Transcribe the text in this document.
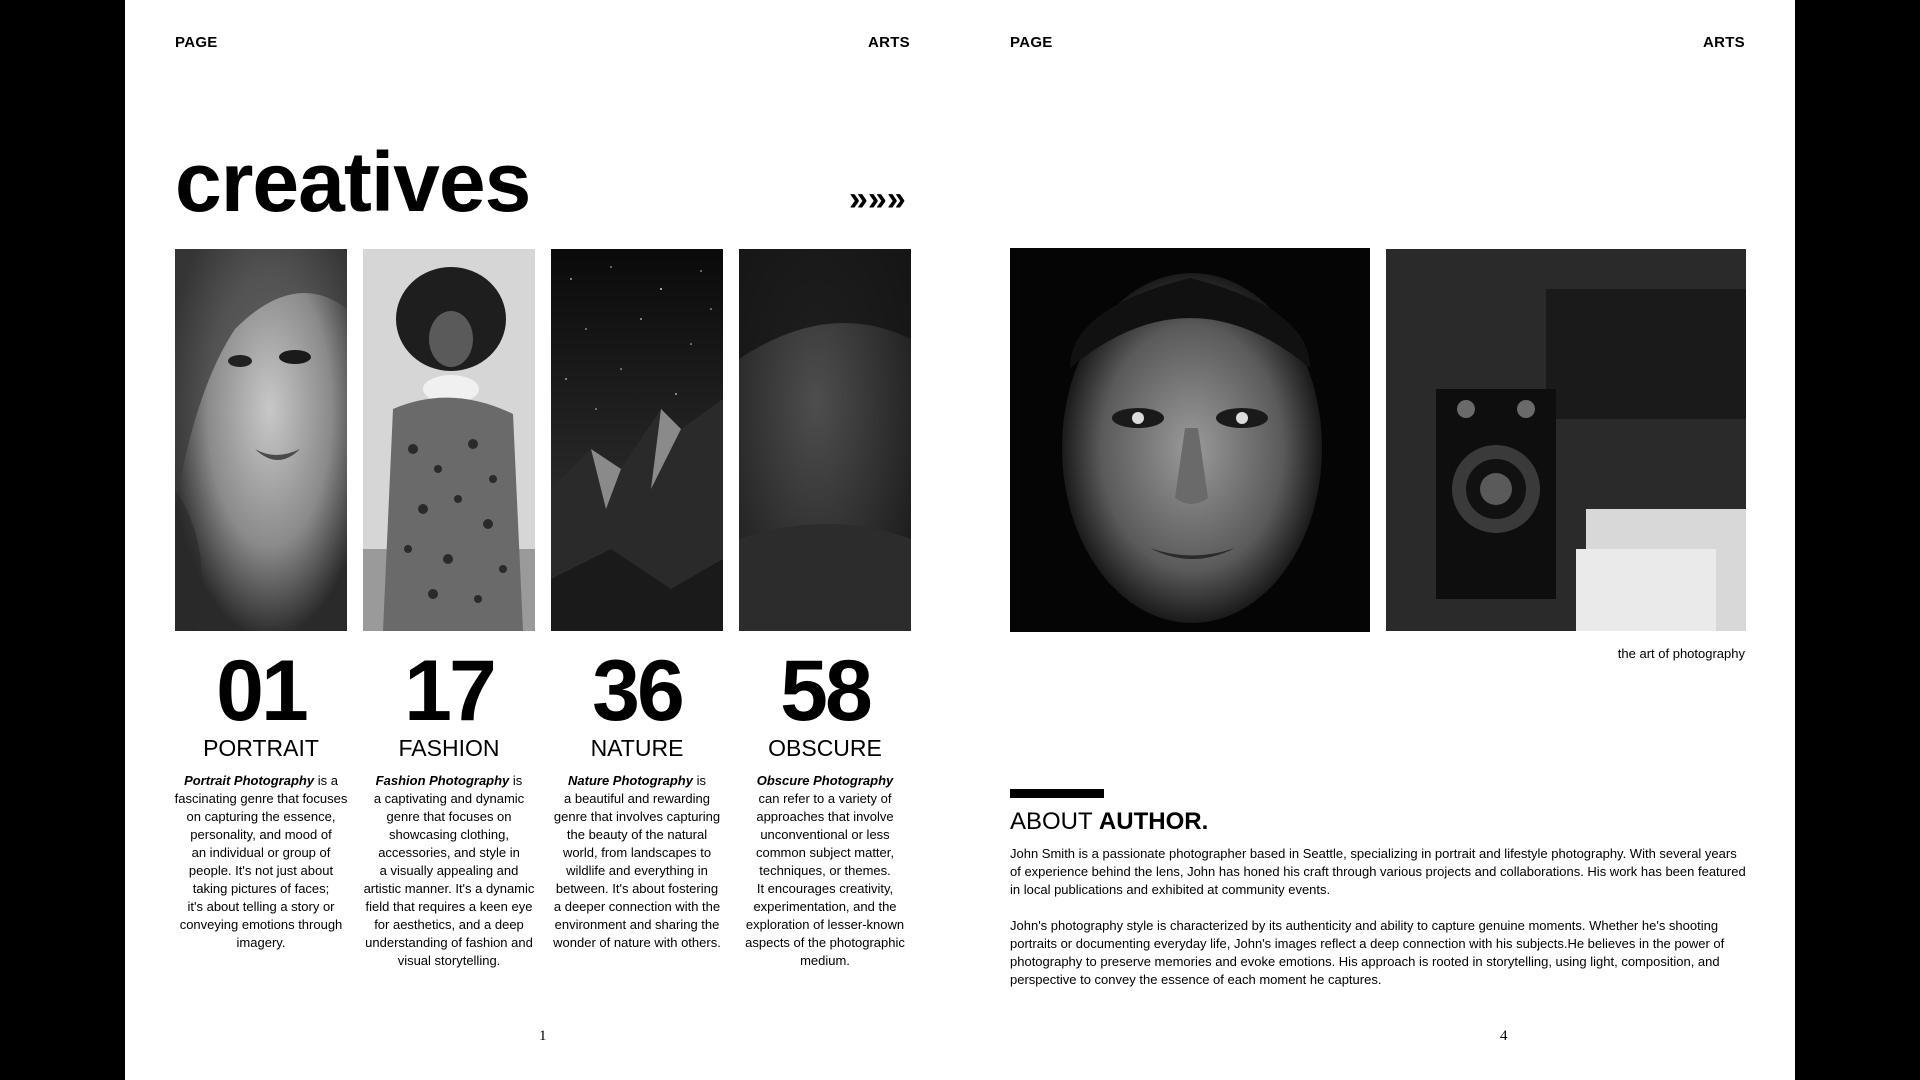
PAGE	ARTS
creatives	»»»
01
PORTRAIT
Portrait Photography is a
fascinating genre that focuses
on capturing the essence,
personality, and mood of
an individual or group of
people. It's not just about
taking pictures of faces;
it's about telling a story or
conveying emotions through
imagery.
17
FASHION
Fashion Photography is
a captivating and dynamic
genre that focuses on
showcasing clothing,
accessories, and style in
a visually appealing and
artistic manner. It's a dynamic
field that requires a keen eye
for aesthetics, and a deep
understanding of fashion and
visual storytelling.
36
NATURE
Nature Photography is
a beautiful and rewarding
genre that involves capturing
the beauty of the natural
world, from landscapes to
wildlife and everything in
between. It's about fostering
a deeper connection with the
environment and sharing the
wonder of nature with others.
58
OBSCURE
Obscure Photography
can refer to a variety of
approaches that involve
unconventional or less
common subject matter,
techniques, or themes.
It encourages creativity,
experimentation, and the
exploration of lesser-known
aspects of the photographic
medium.
1
PAGE	ARTS
the art of photography
ABOUT AUTHOR.

John Smith is a passionate photographer based in Seattle, specializing in portrait and lifestyle photography. With several years
of experience behind the lens, John has honed his craft through various projects and collaborations. His work has been featured
in local publications and exhibited at community events.

John's photography style is characterized by its authenticity and ability to capture genuine moments. Whether he's shooting
portraits or documenting everyday life, John's images reflect a deep connection with his subjects.He believes in the power of
photography to preserve memories and evoke emotions. His approach is rooted in storytelling, using light, composition, and
perspective to convey the essence of each moment he captures.

4
